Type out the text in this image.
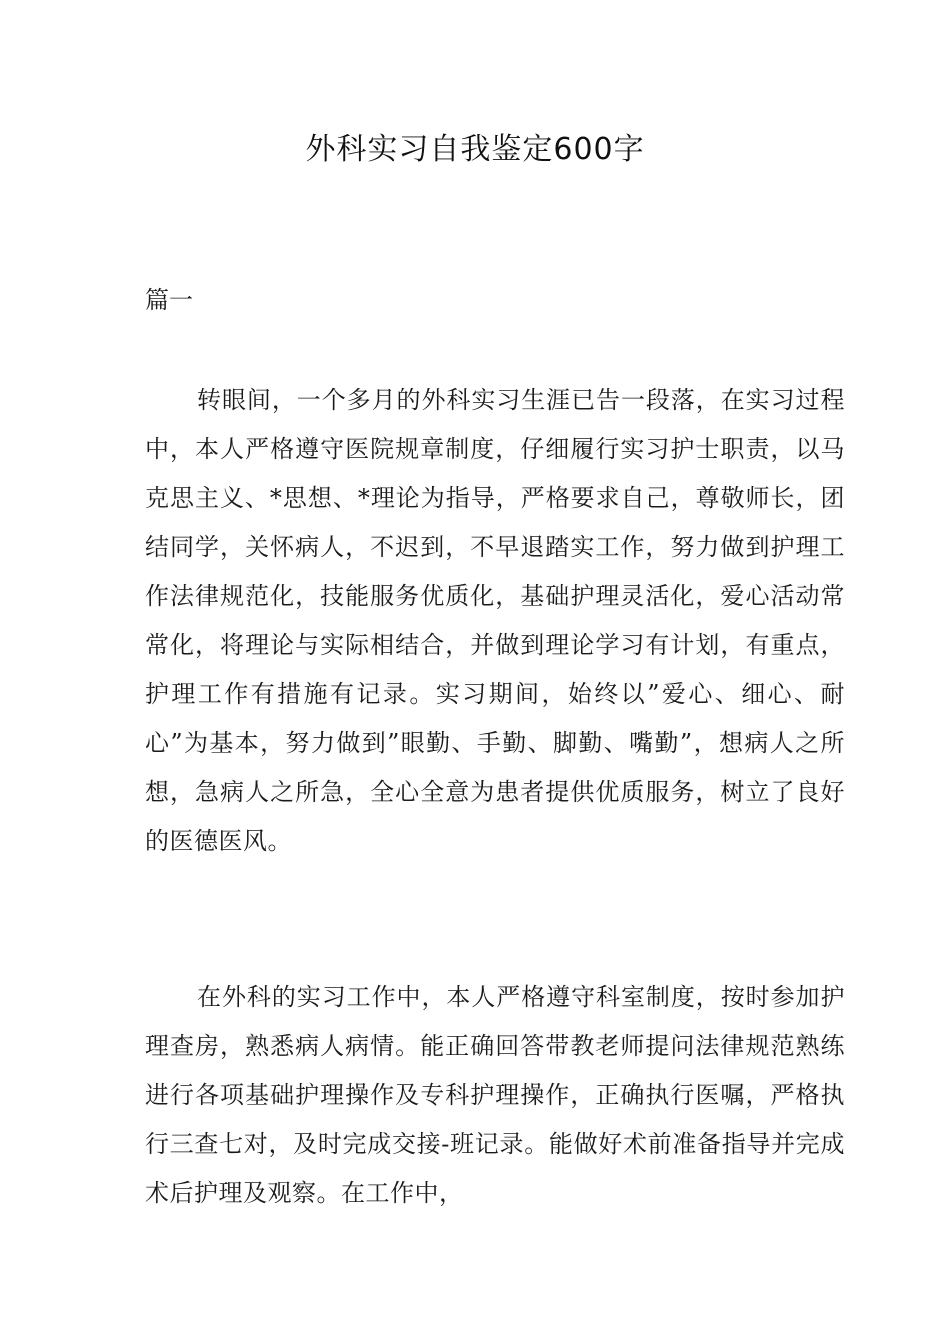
外科实习自我鉴定600字
篇一

转眼间，一个多月的外科实习生涯已告一段落，在实习过程中，本人严格遵守医院规章制度，仔细履行实习护士职责，以马克思主义、*思想、*理论为指导，严格要求自己，尊敬师长，团结同学，关怀病人，不迟到，不早退踏实工作，努力做到护理工作法律规范化，技能服务优质化，基础护理灵活化，爱心活动常常化，将理论与实际相结合，并做到理论学习有计划，有重点，护理工作有措施有记录。实习期间，始终以”爱心、细心、耐心”为基本，努力做到”眼勤、手勤、脚勤、嘴勤”，想病人之所想，急病人之所急，全心全意为患者提供优质服务，树立了良好的医德医风。

在外科的实习工作中，本人严格遵守科室制度，按时参加护理查房，熟悉病人病情。能正确回答带教老师提问法律规范熟练进行各项基础护理操作及专科护理操作，正确执行医嘱，严格执行三查七对，及时完成交接-班记录。能做好术前准备指导并完成术后护理及观察。在工作中，
